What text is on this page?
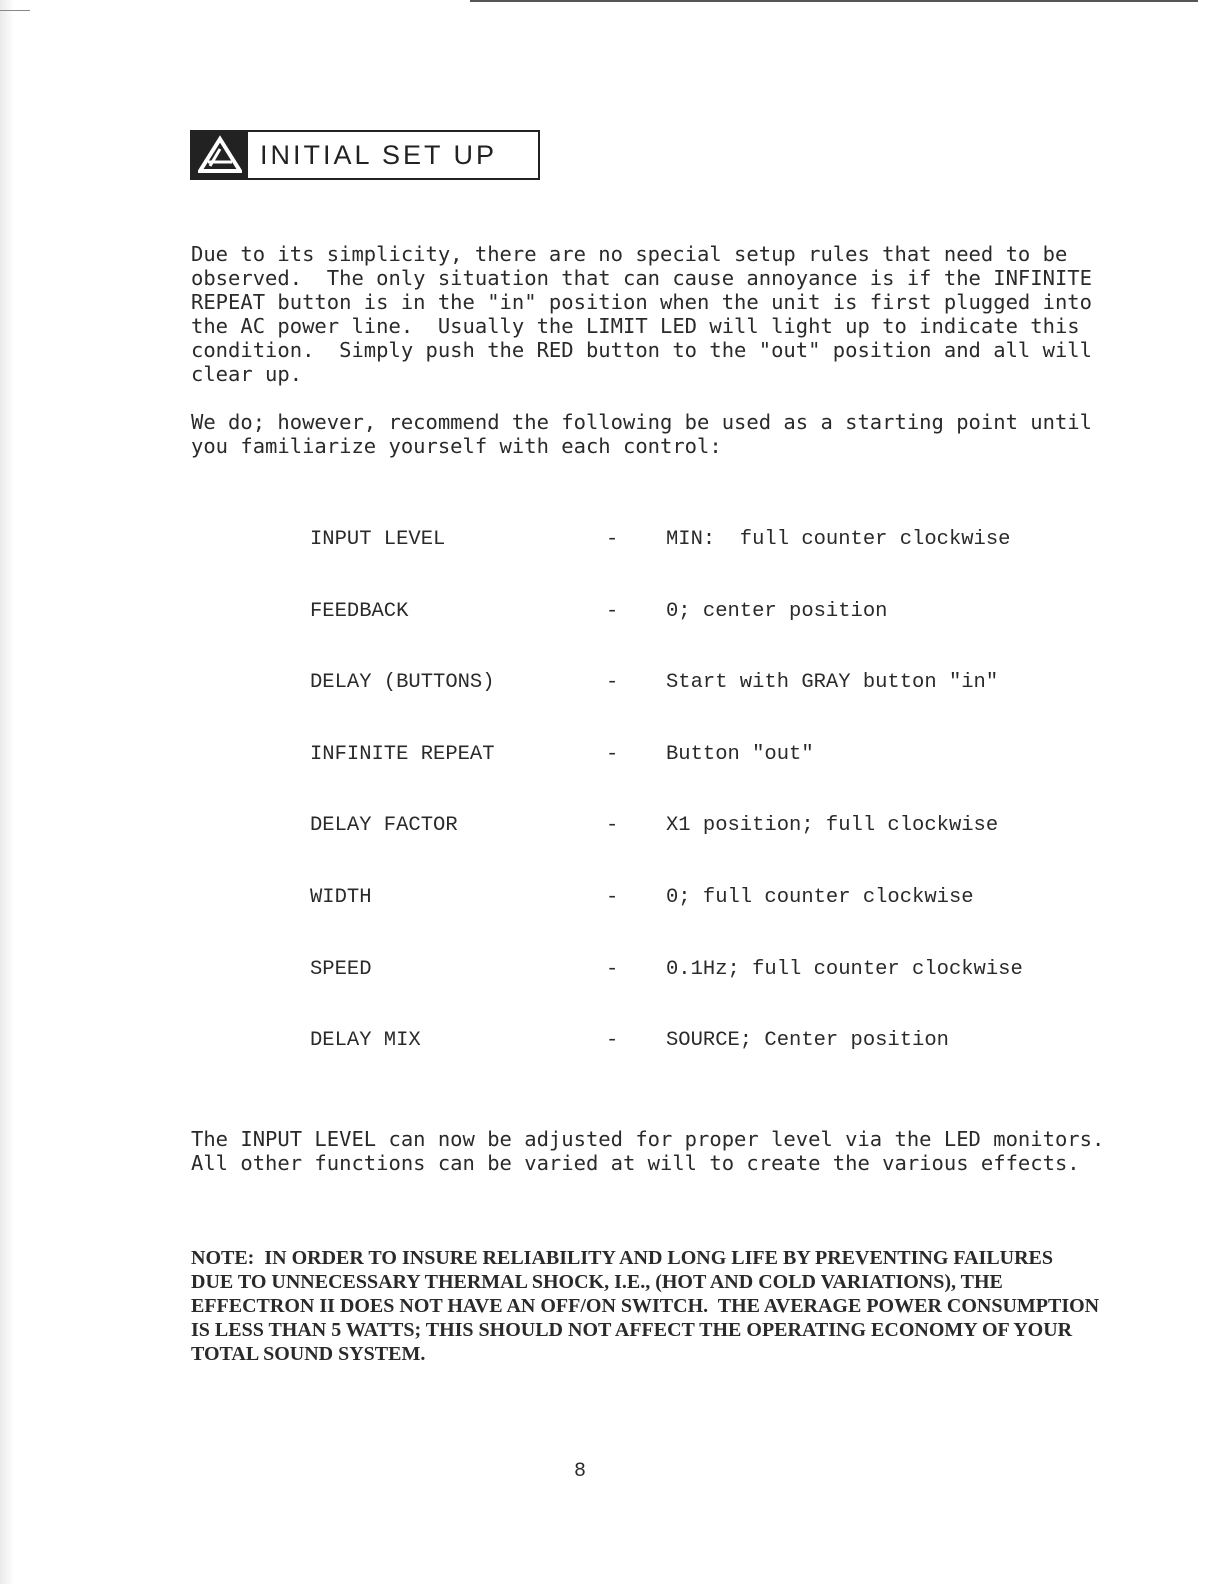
INITIAL SET UP
Due to its simplicity, there are no special setup rules that need to be
observed.  The only situation that can cause annoyance is if the INFINITE
REPEAT button is in the "in" position when the unit is first plugged into
the AC power line.  Usually the LIMIT LED will light up to indicate this
condition.  Simply push the RED button to the "out" position and all will
clear up.
We do; however, recommend the following be used as a starting point until
you familiarize yourself with each control:
INPUT LEVEL	- MIN:  full counter clockwise
FEEDBACK	- 0; center position
DELAY (BUTTONS)	- Start with GRAY button "in"
INFINITE REPEAT	- Button "out"
DELAY FACTOR	- X1 position; full clockwise
WIDTH	- 0; full counter clockwise
SPEED	- 0.1Hz; full counter clockwise
DELAY MIX	- SOURCE; Center position
The INPUT LEVEL can now be adjusted for proper level via the LED monitors.
All other functions can be varied at will to create the various effects.
NOTE:  IN ORDER TO INSURE RELIABILITY AND LONG LIFE BY PREVENTING FAILURES
DUE TO UNNECESSARY THERMAL SHOCK, I.E., (HOT AND COLD VARIATIONS), THE
EFFECTRON II DOES NOT HAVE AN OFF/ON SWITCH.  THE AVERAGE POWER CONSUMPTION
IS LESS THAN 5 WATTS; THIS SHOULD NOT AFFECT THE OPERATING ECONOMY OF YOUR
TOTAL SOUND SYSTEM.
8
